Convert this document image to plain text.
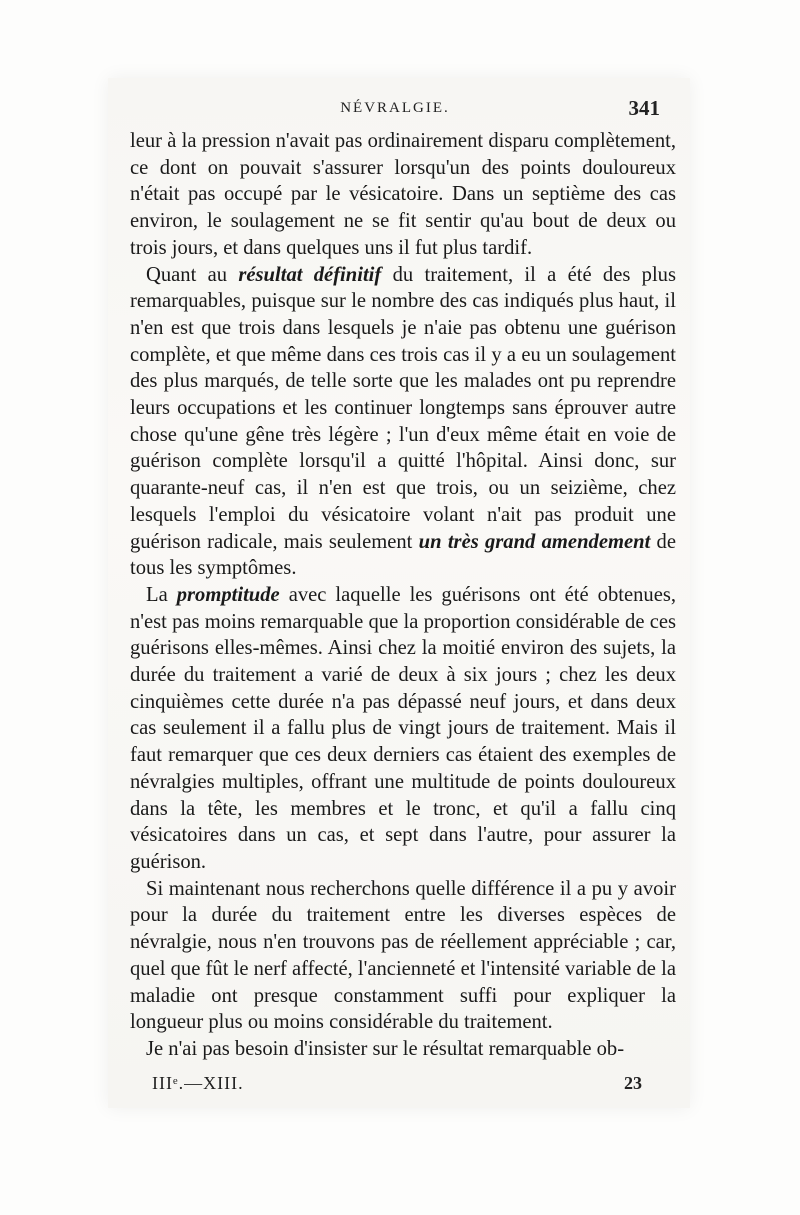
NÉVRALGIE.	341

leur à la pression n'avait pas ordinairement disparu complètement, ce dont on pouvait s'assurer lorsqu'un des points douloureux n'était pas occupé par le vésicatoire. Dans un septième des cas environ, le soulagement ne se fit sentir qu'au bout de deux ou trois jours, et dans quelques uns il fut plus tardif.

Quant au résultat définitif du traitement, il a été des plus remarquables, puisque sur le nombre des cas indiqués plus haut, il n'en est que trois dans lesquels je n'aie pas obtenu une guérison complète, et que même dans ces trois cas il y a eu un soulagement des plus marqués, de telle sorte que les malades ont pu reprendre leurs occupations et les continuer longtemps sans éprouver autre chose qu'une gêne très légère ; l'un d'eux même était en voie de guérison complète lorsqu'il a quitté l'hôpital. Ainsi donc, sur quarante-neuf cas, il n'en est que trois, ou un seizième, chez lesquels l'emploi du vésicatoire volant n'ait pas produit une guérison radicale, mais seulement un très grand amendement de tous les symptômes.

La promptitude avec laquelle les guérisons ont été obtenues, n'est pas moins remarquable que la proportion considérable de ces guérisons elles-mêmes. Ainsi chez la moitié environ des sujets, la durée du traitement a varié de deux à six jours ; chez les deux cinquièmes cette durée n'a pas dépassé neuf jours, et dans deux cas seulement il a fallu plus de vingt jours de traitement. Mais il faut remarquer que ces deux derniers cas étaient des exemples de névralgies multiples, offrant une multitude de points douloureux dans la tête, les membres et le tronc, et qu'il a fallu cinq vésicatoires dans un cas, et sept dans l'autre, pour assurer la guérison.

Si maintenant nous recherchons quelle différence il a pu y avoir pour la durée du traitement entre les diverses espèces de névralgie, nous n'en trouvons pas de réellement appréciable ; car, quel que fût le nerf affecté, l'ancienneté et l'intensité variable de la maladie ont presque constamment suffi pour expliquer la longueur plus ou moins considérable du traitement.

Je n'ai pas besoin d'insister sur le résultat remarquable ob-

IIIᵉ.—XIII.	23
